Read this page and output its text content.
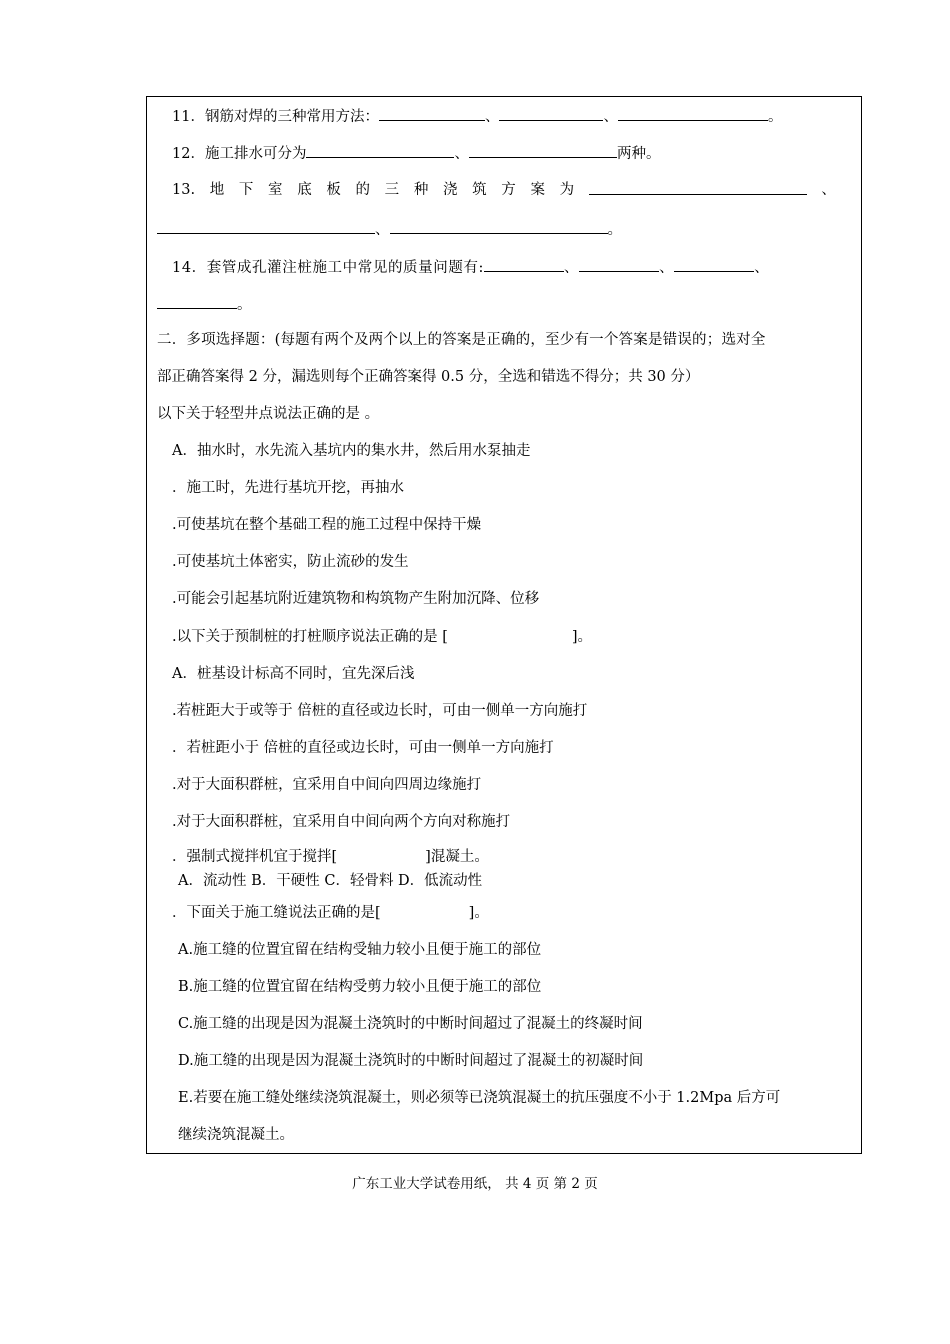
11．钢筋对焊的三种常用方法：	、	、	。
12．施工排水可分为	、	两种。
13. 地 下 室 底 板 的 三 种 浇 筑 方 案 为	、
、	。
14．套管成孔灌注桩施工中常见的质量问题有:	、	、	、
。
二．多项选择题：(每题有两个及两个以上的答案是正确的，至少有一个答案是错误的；选对全
部正确答案得 2 分，漏选则每个正确答案得 0.5 分，全选和错选不得分；共 30 分）
以下关于轻型井点说法正确的是 。
A．抽水时，水先流入基坑内的集水井，然后用水泵抽走
．施工时，先进行基坑开挖，再抽水
.可使基坑在整个基础工程的施工过程中保持干燥
.可使基坑土体密实，防止流砂的发生
.可能会引起基坑附近建筑物和构筑物产生附加沉降、位移
.以下关于预制桩的打桩顺序说法正确的是 [	]。
A．桩基设计标高不同时，宜先深后浅
.若桩距大于或等于 倍桩的直径或边长时，可由一侧单一方向施打
．若桩距小于 倍桩的直径或边长时，可由一侧单一方向施打
.对于大面积群桩，宜采用自中间向四周边缘施打
.对于大面积群桩，宜采用自中间向两个方向对称施打
．强制式搅拌机宜于搅拌[	]混凝土。
A．流动性 B．干硬性 C．轻骨料 D．低流动性
．下面关于施工缝说法正确的是[	]。
A.施工缝的位置宜留在结构受轴力较小且便于施工的部位
B.施工缝的位置宜留在结构受剪力较小且便于施工的部位
C.施工缝的出现是因为混凝土浇筑时的中断时间超过了混凝土的终凝时间
D.施工缝的出现是因为混凝土浇筑时的中断时间超过了混凝土的初凝时间
E.若要在施工缝处继续浇筑混凝土，则必须等已浇筑混凝土的抗压强度不小于 1.2Mpa 后方可
继续浇筑混凝土。
广东工业大学试卷用纸， 共 4 页 第 2 页
